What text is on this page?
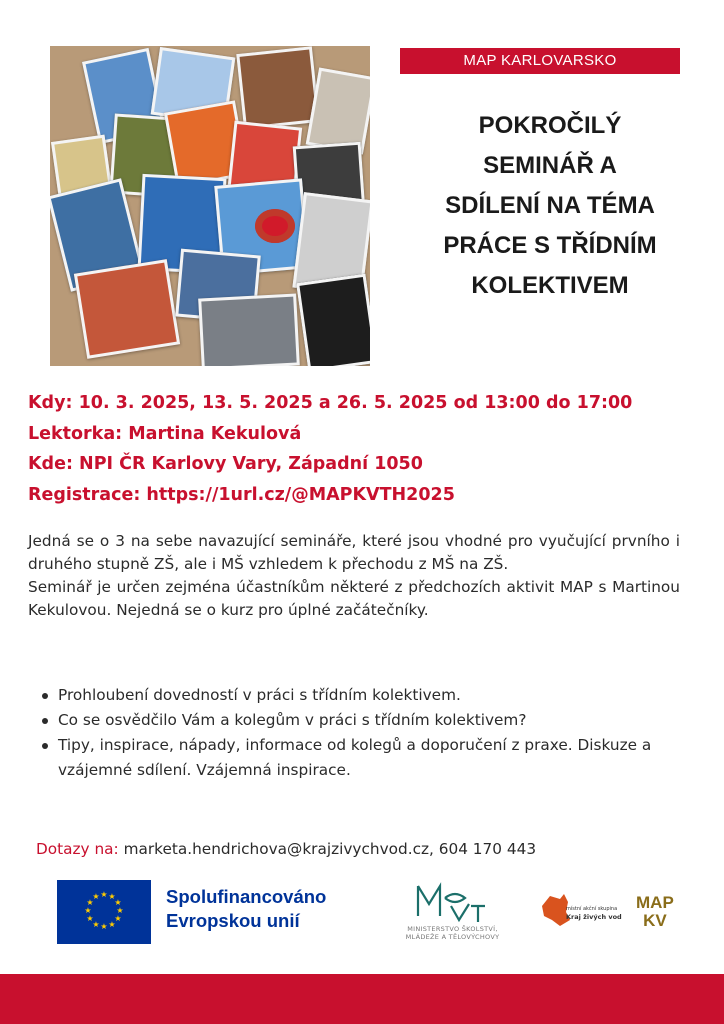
MAP KARLOVARSKO
POKROČILÝ
SEMINÁŘ A
SDÍLENÍ NA TÉMA
PRÁCE S TŘÍDNÍM
KOLEKTIVEM
Kdy: 10. 3. 2025, 13. 5. 2025 a 26. 5. 2025 od 13:00 do 17:00
Lektorka: Martina Kekulová
Kde: NPI ČR Karlovy Vary, Západní 1050
Registrace: https://1url.cz/@MAPKVTH2025

Jedná se o 3 na sebe navazující semináře, které jsou vhodné pro vyučující prvního i druhého stupně ZŠ, ale i MŠ vzhledem k přechodu z MŠ na ZŠ.

Seminář je určen zejména účastníkům některé z předchozích aktivit MAP s Martinou Kekulovou. Nejedná se o kurz pro úplné začátečníky.

Prohloubení dovedností v práci s třídním kolektivem.
Co se osvědčilo Vám a kolegům v práci s třídním kolektivem?
Tipy, inspirace, nápady, informace od kolegů a doporučení z praxe. Diskuze a vzájemné sdílení. Vzájemná inspirace.
Dotazy na: marketa.hendrichova@krajzivychvod.cz, 604 170 443
★ ★
★
★
★
★
★
★
★
★
★
★	Spolufinancováno
Evropskou unií	MINISTERSTVO ŠKOLSTVÍ,
MLÁDEŽE A TĚLOVÝCHOVY
místní akční skupina
Kraj živých vod
MAP
KV
